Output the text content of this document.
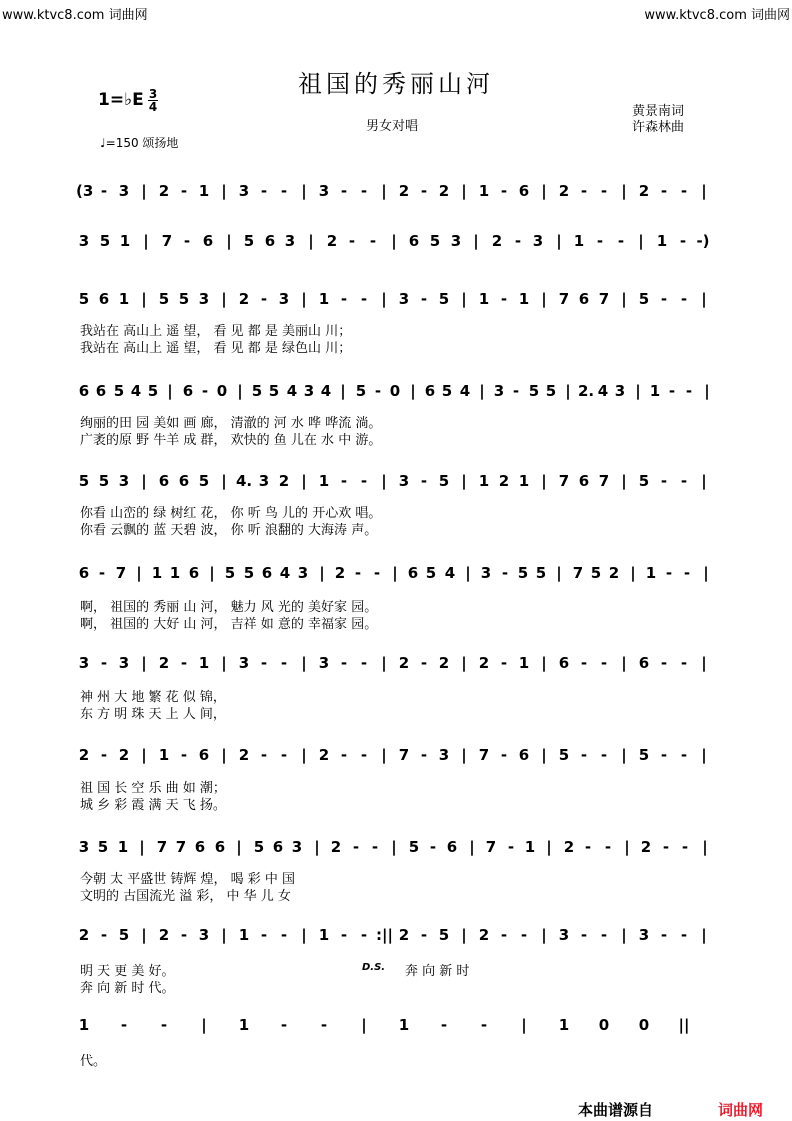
www.ktvc8.com 词曲网	www.ktvc8.com 词曲网
祖国的秀丽山河
男女对唱
黄景南词
许森林曲
1=♭E 3
4
♩=150 颂扬地
(3 - 3 | 2 - 1 | 3 - - | 3 - - | 2 - 2 | 1 - 6 | 2 - - | 2 - - |
3 5 1 | 7 - 6 | 5 6 3 | 2 - -	| 6 5 3 | 2 - 3 | 1 - - | 1 - -)
5 6 1 | 5 5 3 | 2 - 3 | 1 - - | 3 - 5 | 1 - 1 | 7 6 7 | 5 - - |
6 6 5 4 5 | 6 - 0 | 5 5 4 3 4 | 5 - 0 | 6 5 4 | 3 - 5 5 | 2. 4 3 | 1 - - |
5 5 3 | 6 6 5 | 4. 3 2 | 1 - - | 3 - 5 | 1 2 1 | 7 6 7 | 5 - - |
6 - 7 | 1 1 6 | 5 5 6 4 3 | 2 - - | 6 5 4 | 3 - 5 5 | 7 5 2 | 1 - - |
3 - 3 | 2 - 1 | 3 - - | 3 - - | 2 - 2 | 2 - 1 | 6 - - | 6 - - |
2 - 2 | 1 - 6 | 2 - - | 2 - - | 7 - 3 | 7 - 6 | 5 - - | 5 - - |
3 5 1 | 7 7 6 6 | 5 6 3 | 2 - - | 5 - 6 | 7 - 1 | 2 - - | 2 - - |
2 - 5 | 2 - 3 | 1 - - | 1 - - :|| 2 - 5 | 2 - - | 3 - - | 3 - - |
1	-	-	|	1	-	-	|	1	-	-	|	1 0 0 ||
我站在 高山上 遥 望， 看 见 都 是 美丽山 川；
我站在 高山上 遥 望， 看 见 都 是 绿色山 川；
绚丽的田 园 美如 画 廊， 清澈的 河 水 哗 哗流 淌。
广袤的原 野 牛羊 成 群， 欢快的 鱼 儿在 水 中 游。
你看 山峦的 绿 树红 花， 你 听 鸟 儿的 开心欢 唱。
你看 云飘的 蓝 天碧 波， 你 听 浪翻的 大海涛 声。
啊， 祖国的 秀丽 山 河， 魅力 风 光的 美好家 园。
啊， 祖国的 大好 山 河， 吉祥 如 意的 幸福家 园。
神 州 大 地 繁 花 似 锦，
东 方 明 珠 天 上 人 间，
祖 国 长 空 乐 曲 如 潮；
城 乡 彩 霞 满 天 飞 扬。
今朝 太 平盛世 铸辉 煌， 喝 彩 中 国
文明的 古国流光 溢 彩， 中 华 儿 女
明 天 更 美 好。
奔 向 新 时 代。
D.S. 奔 向 新 时
代。
本曲谱源自	词曲网
